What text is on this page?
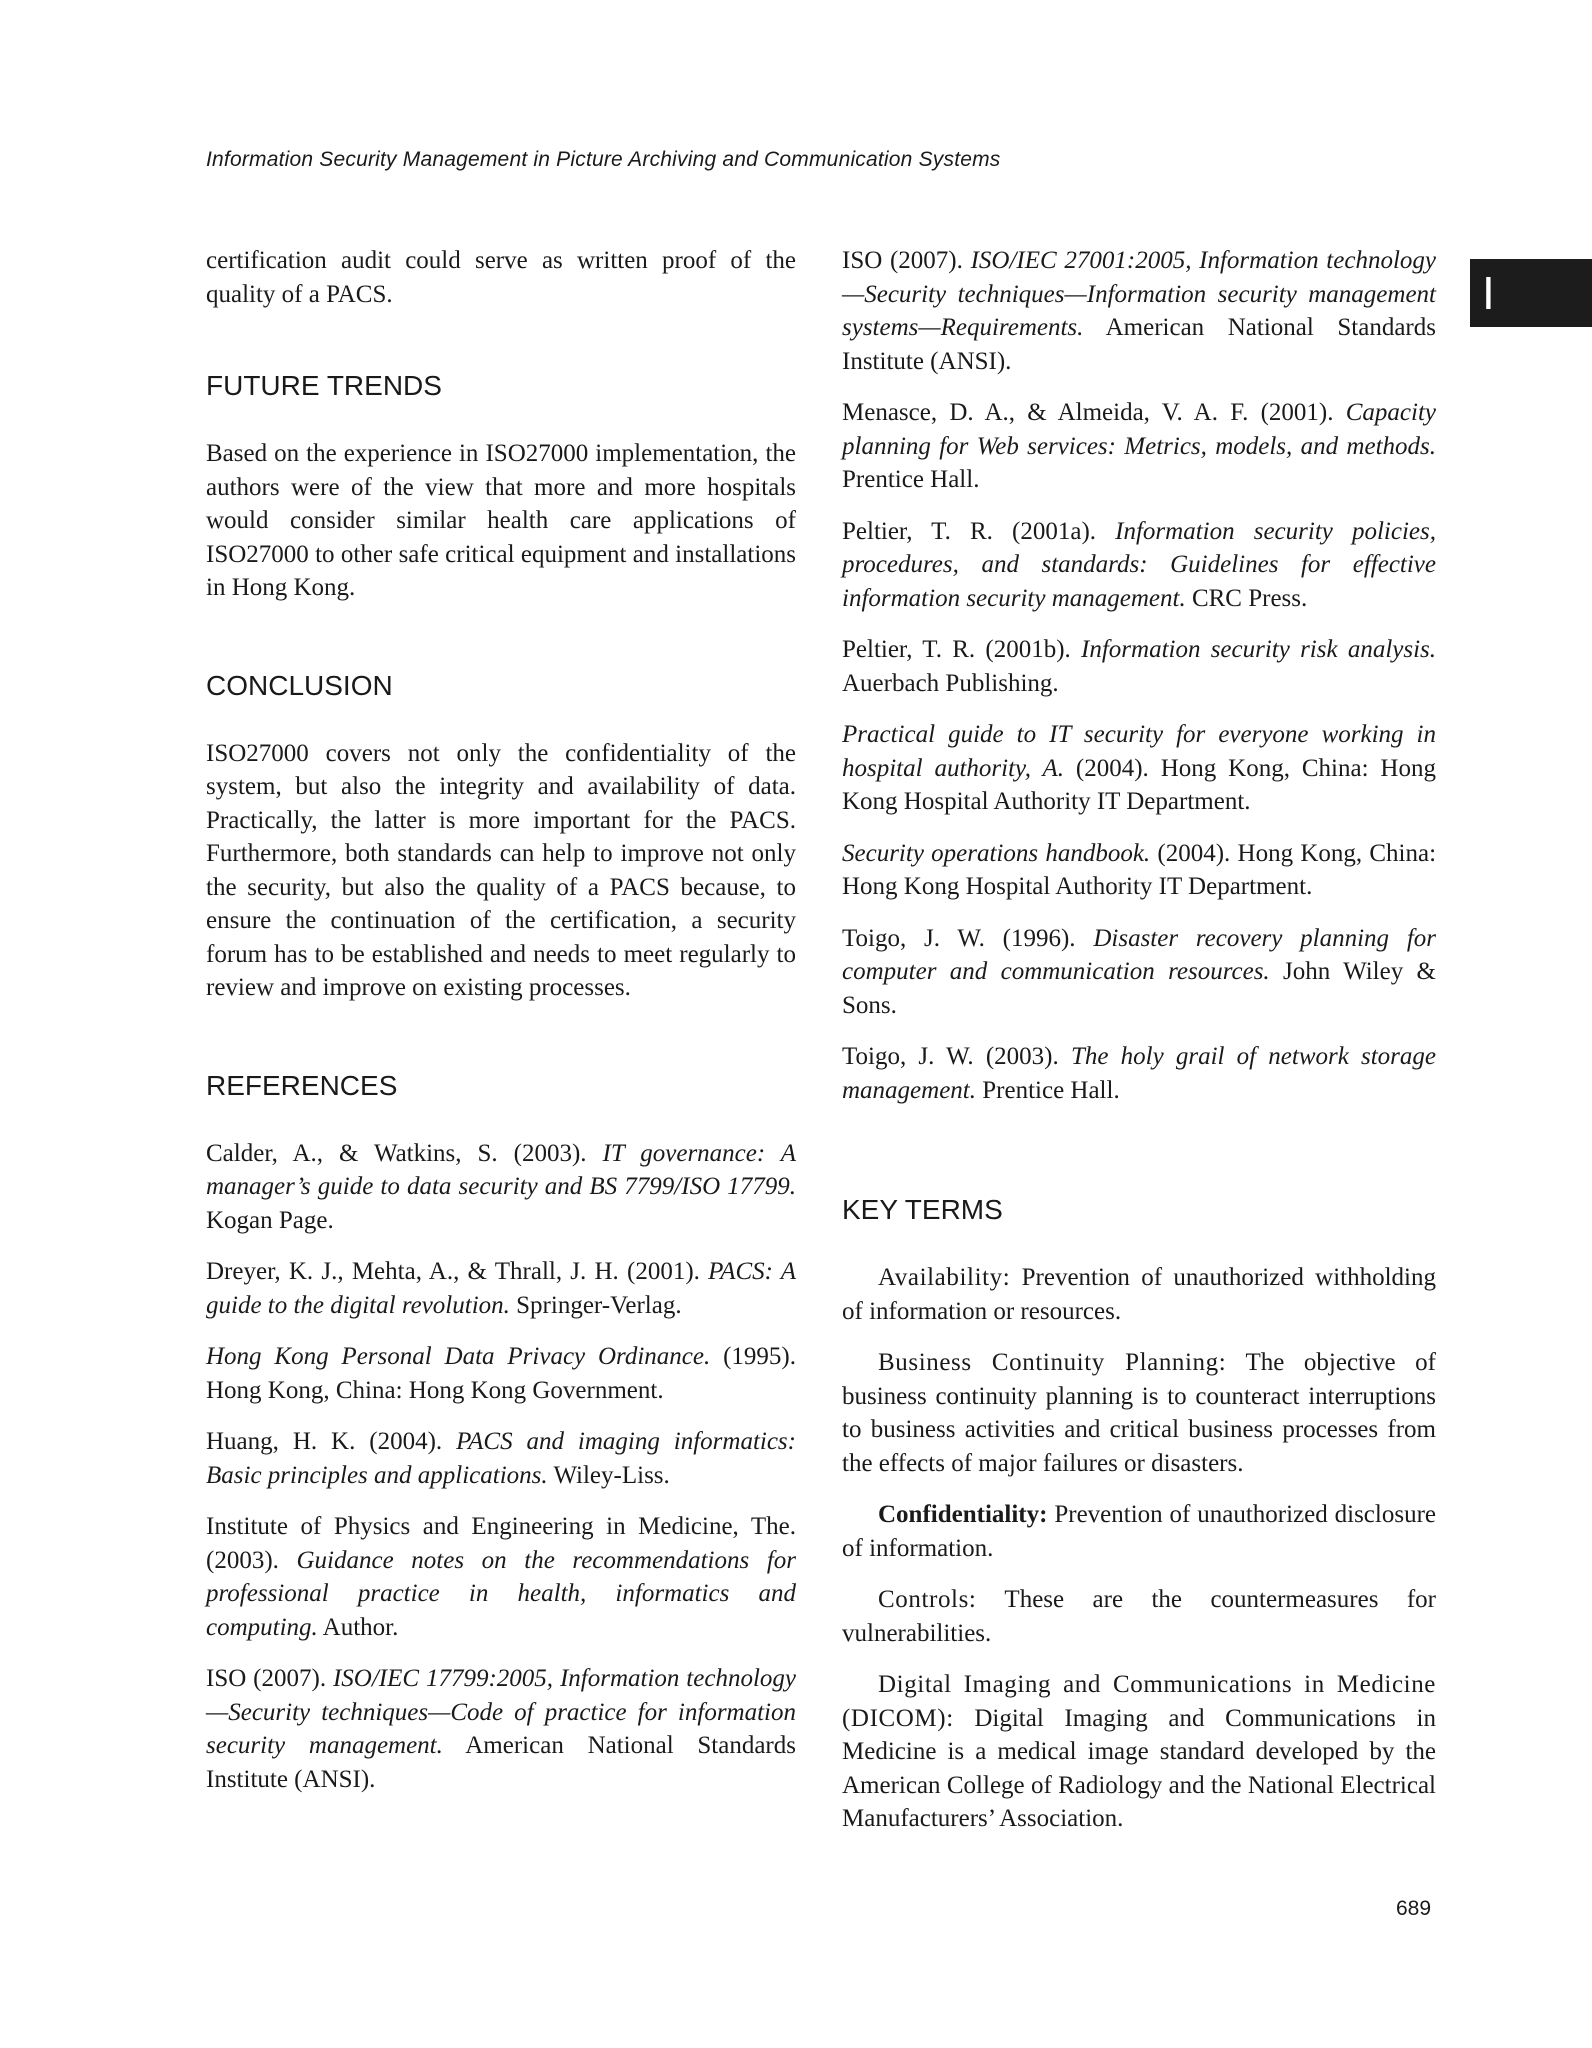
Information Security Management in Picture Archiving and Communication Systems
I

certification audit could serve as written proof of the quality of a PACS.

FUTURE TRENDS

Based on the experience in ISO27000 implementation, the authors were of the view that more and more hospitals would consider similar health care applications of ISO27000 to other safe critical equipment and installations in Hong Kong.

CONCLUSION

ISO27000 covers not only the confidentiality of the system, but also the integrity and availability of data. Practically, the latter is more important for the PACS. Furthermore, both standards can help to improve not only the security, but also the quality of a PACS because, to ensure the continuation of the certification, a security forum has to be established and needs to meet regularly to review and improve on existing processes.

REFERENCES

Calder, A., & Watkins, S. (2003). IT governance: A manager’s guide to data security and BS 7799/ISO 17799. Kogan Page.

Dreyer, K. J., Mehta, A., & Thrall, J. H. (2001). PACS: A guide to the digital revolution. Springer-Verlag.

Hong Kong Personal Data Privacy Ordinance. (1995). Hong Kong, China: Hong Kong Government.

Huang, H. K. (2004). PACS and imaging informatics: Basic principles and applications. Wiley-Liss.

Institute of Physics and Engineering in Medicine, The. (2003). Guidance notes on the recommendations for professional practice in health, informatics and computing. Author.

ISO (2007). ISO/IEC 17799:2005, Information technology—Security techniques—Code of practice for information security management. American National Standards Institute (ANSI).

ISO (2007). ISO/IEC 27001:2005, Information technology—Security techniques—Information security management systems—Requirements. American National Standards Institute (ANSI).

Menasce, D. A., & Almeida, V. A. F. (2001). Capacity planning for Web services: Metrics, models, and methods. Prentice Hall.

Peltier, T. R. (2001a). Information security policies, procedures, and standards: Guidelines for effective information security management. CRC Press.

Peltier, T. R. (2001b). Information security risk analysis. Auerbach Publishing.

Practical guide to IT security for everyone working in hospital authority, A. (2004). Hong Kong, China: Hong Kong Hospital Authority IT Department.

Security operations handbook. (2004). Hong Kong, China: Hong Kong Hospital Authority IT Department.

Toigo, J. W. (1996). Disaster recovery planning for computer and communication resources. John Wiley & Sons.

Toigo, J. W. (2003). The holy grail of network storage management. Prentice Hall.

KEY TERMS

Availability: Prevention of unauthorized withholding of information or resources.

Business Continuity Planning: The objective of business continuity planning is to counteract interruptions to business activities and critical business processes from the effects of major failures or disasters.

Confidentiality: Prevention of unauthorized disclosure of information.

Controls: These are the countermeasures for vulnerabilities.

Digital Imaging and Communications in Medicine (DICOM): Digital Imaging and Communications in Medicine is a medical image standard developed by the American College of Radiology and the National Electrical Manufacturers’ Association.

689
